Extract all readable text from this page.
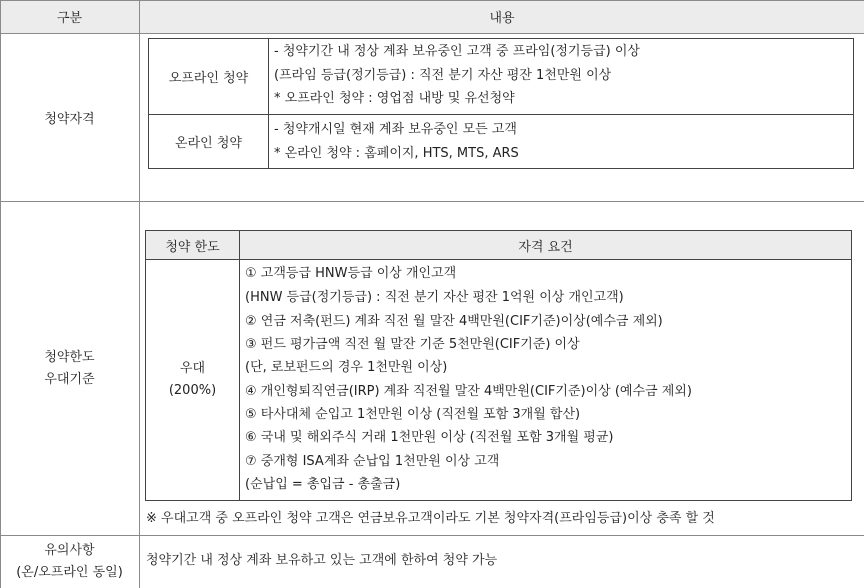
구분	내용
청약자격
오프라인 청약
- 청약기간 내 정상 계좌 보유중인 고객 중 프라임(정기등급) 이상
(프라임 등급(정기등급) : 직전 분기 자산 평잔 1천만원 이상
* 오프라인 청약 : 영업점 내방 및 유선청약
온라인 청약
- 청약개시일 현재 계좌 보유중인 모든 고객
* 온라인 청약 : 홈페이지, HTS, MTS, ARS
청약한도
우대기준
청약 한도	자격 요건
우대
(200%)
① 고객등급 HNW등급 이상 개인고객
(HNW 등급(정기등급) : 직전 분기 자산 평잔 1억원 이상 개인고객)
② 연금 저축(펀드) 계좌 직전 월 말잔 4백만원(CIF기준)이상(예수금 제외)
③ 펀드 평가금액 직전 월 말잔 기준 5천만원(CIF기준) 이상
(단, 로보펀드의 경우 1천만원 이상)
④ 개인형퇴직연금(IRP) 계좌 직전월 말잔 4백만원(CIF기준)이상 (예수금 제외)
⑤ 타사대체 순입고 1천만원 이상 (직전월 포함 3개월 합산)
⑥ 국내 및 해외주식 거래 1천만원 이상 (직전월 포함 3개월 평균)
⑦ 중개형 ISA계좌 순납입 1천만원 이상 고객
(순납입 = 총입금 - 총출금)
※ 우대고객 중 오프라인 청약 고객은 연금보유고객이라도 기본 청약자격(프라임등급)이상 충족 할 것
유의사항
(온/오프라인 동일)
청약기간 내 정상 계좌 보유하고 있는 고객에 한하여 청약 가능
